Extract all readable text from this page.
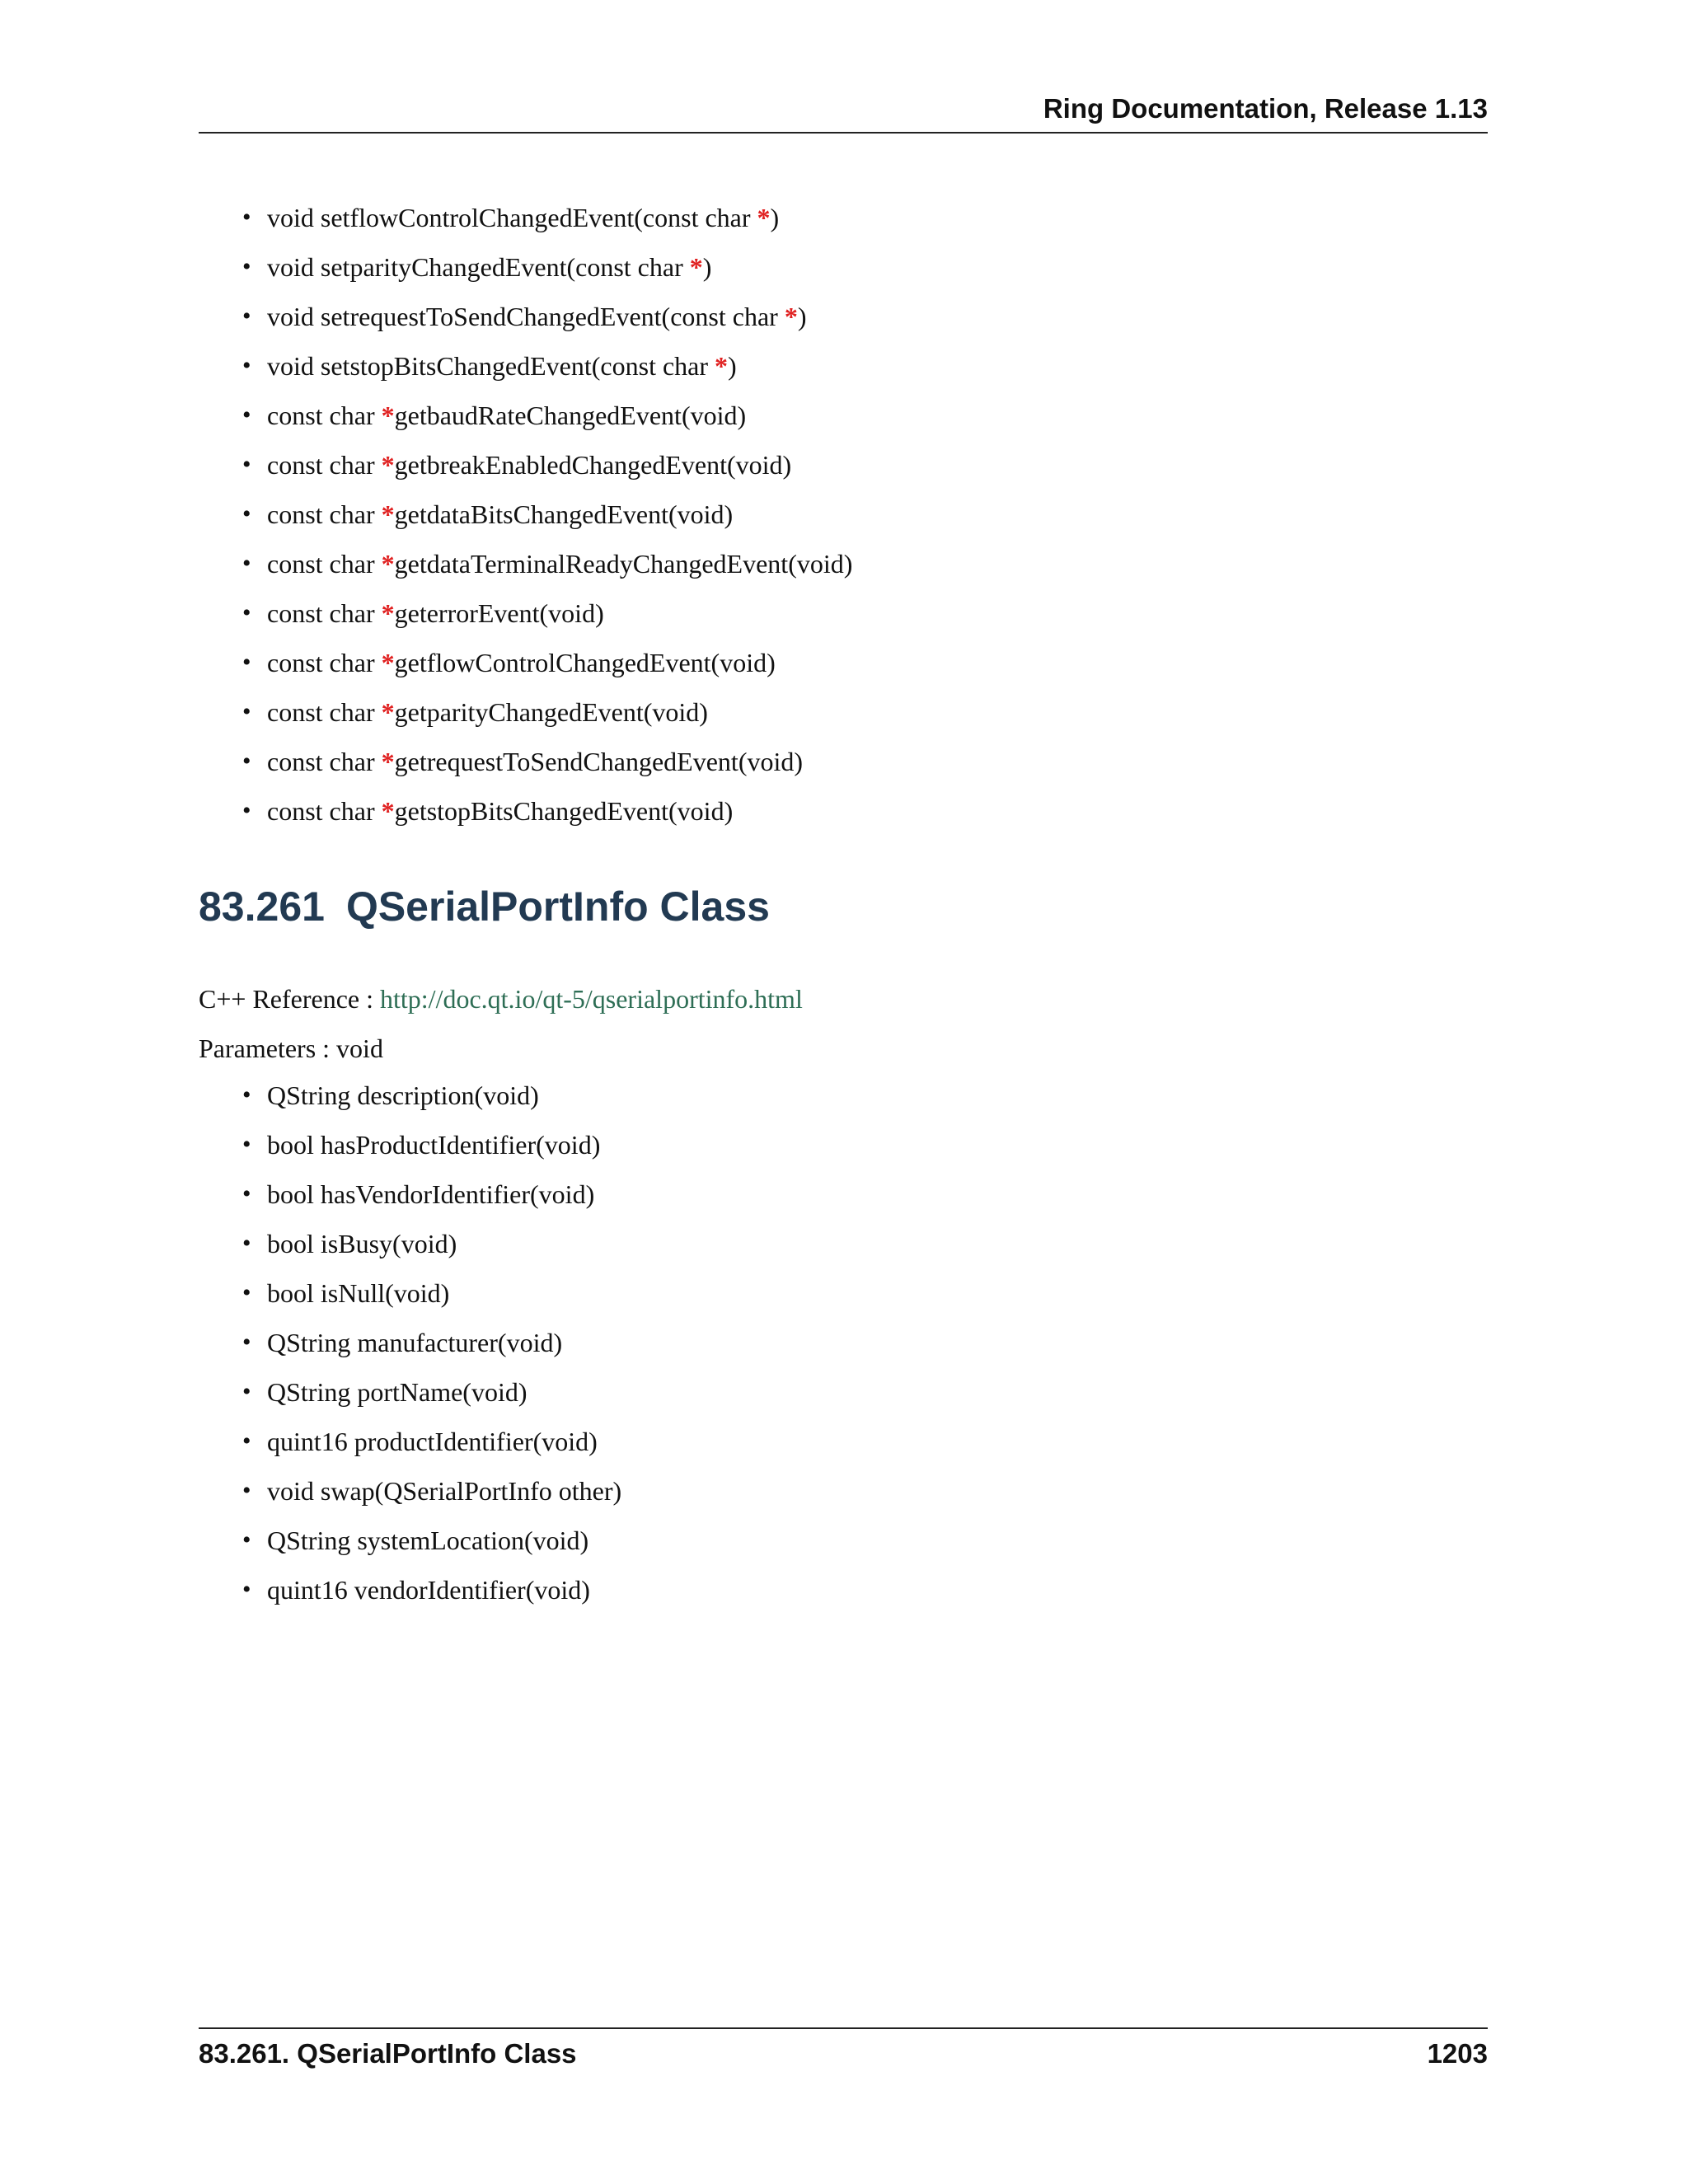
Ring Documentation, Release 1.13
• void setflowControlChangedEvent(const char *)
• void setparityChangedEvent(const char *)
• void setrequestToSendChangedEvent(const char *)
• void setstopBitsChangedEvent(const char *)
• const char *getbaudRateChangedEvent(void)
• const char *getbreakEnabledChangedEvent(void)
• const char *getdataBitsChangedEvent(void)
• const char *getdataTerminalReadyChangedEvent(void)
• const char *geterrorEvent(void)
• const char *getflowControlChangedEvent(void)
• const char *getparityChangedEvent(void)
• const char *getrequestToSendChangedEvent(void)
• const char *getstopBitsChangedEvent(void)
83.261 QSerialPortInfo Class
C++ Reference : http://doc.qt.io/qt-5/qserialportinfo.html
Parameters : void
• QString description(void)
• bool hasProductIdentifier(void)
• bool hasVendorIdentifier(void)
• bool isBusy(void)
• bool isNull(void)
• QString manufacturer(void)
• QString portName(void)
• quint16 productIdentifier(void)
• void swap(QSerialPortInfo other)
• QString systemLocation(void)
• quint16 vendorIdentifier(void)
83.261. QSerialPortInfo Class	1203
